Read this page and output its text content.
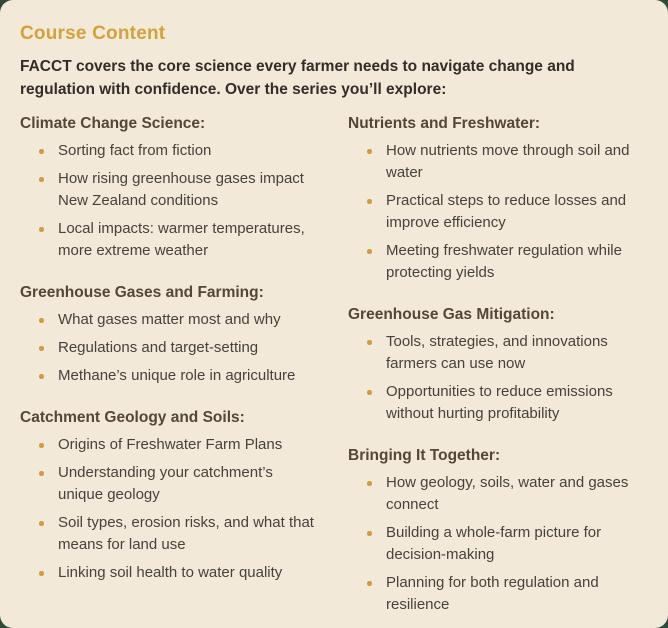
Course Content

FACCT covers the core science every farmer needs to navigate change and regulation with confidence. Over the series you’ll explore:

Climate Change Science:
Sorting fact from fiction
How rising greenhouse gases impact New Zealand conditions
Local impacts: warmer temperatures, more extreme weather
Greenhouse Gases and Farming:
What gases matter most and why
Regulations and target-setting
Methane’s unique role in agriculture
Catchment Geology and Soils:
Origins of Freshwater Farm Plans
Understanding your catchment’s unique geology
Soil types, erosion risks, and what that means for land use
Linking soil health to water quality
Nutrients and Freshwater:
How nutrients move through soil and water
Practical steps to reduce losses and improve efficiency
Meeting freshwater regulation while protecting yields
Greenhouse Gas Mitigation:
Tools, strategies, and innovations farmers can use now
Opportunities to reduce emissions without hurting profitability
Bringing It Together:
How geology, soils, water and gases connect
Building a whole-farm picture for decision-making
Planning for both regulation and resilience
